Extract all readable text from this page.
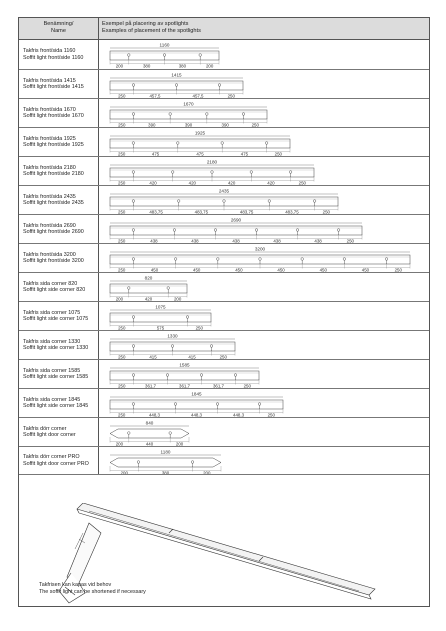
Benämning/
Name
Exempel på placering av spotlights
Examples of placement of the spotlights
Takfris front/sida 1160
Soffit light front/side 1160
1160
200	380	380	200
Takfris front/sida 1415
Soffit light front/side 1415
1415
250	457,5	457,5	250
Takfris front/sida 1670
Soffit light front/side 1670
1670
250	390	390	390	250
Takfris front/sida 1925
Soffit light front/side 1925
1925
250	475	475	475	250
Takfris front/sida 2180
Soffit light front/side 2180
2180
250	420	420	420	420	250
Takfris front/sida 2435
Soffit light front/side 2435
2435
250	483,75	483,75	483,75	483,75	250
Takfris front/sida 2690
Soffit light front/side 2690
2690
250	438	438	438	438	438	250
Takfris front/sida 3200
Soffit light front/side 3200
3200
250	450	450	450	450	450	450	250
Takfris sida corner 820
Soffit light side corner 820
820
200	420	200
Takfris sida corner 1075
Soffit light side corner 1075
1075
250	575	250
Takfris sida corner 1330
Soffit light side corner 1330
1330
250	415	415	250
Takfris sida corner 1585
Soffit light side corner 1585
1585
250	361,7	361,7	361,7	250
Takfris sida corner 1845
Soffit light side corner 1845
1845
250	448,3	448,3	448,3	250
Takfris dörr corner
Soffit light door corner
840
200	440	200
Takfris dörr corner PRO
Soffit light door corner PRO
1180
200	380	200
Takfrisen kan kapas vid behov
The soffit light can be shortened if necessary
